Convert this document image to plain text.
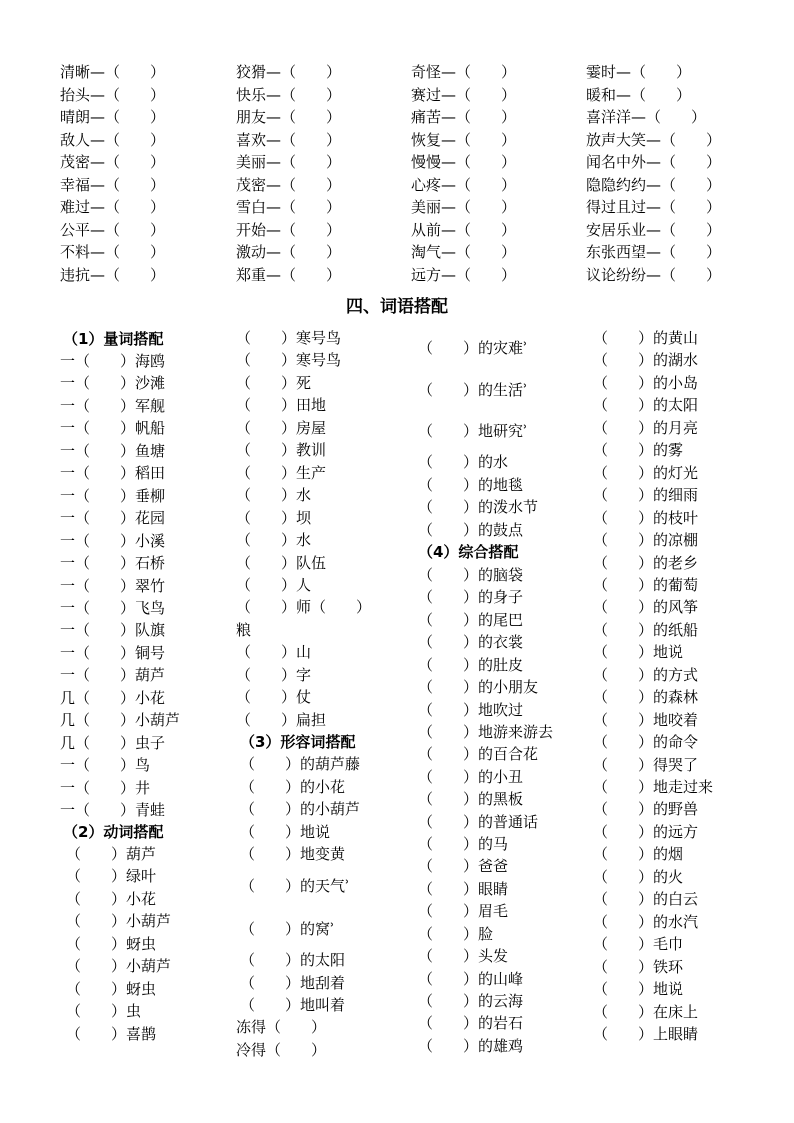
清晰—（　　）
抬头—（　　）
晴朗—（　　）
敌人—（　　）
茂密—（　　）
幸福—（　　）
难过—（　　）
公平—（　　）
不料—（　　）
违抗—（　　）
狡猾—（　　）
快乐—（　　）
朋友—（　　）
喜欢—（　　）
美丽—（　　）
茂密—（　　）
雪白—（　　）
开始—（　　）
激动—（　　）
郑重—（　　）
奇怪—（　　）
赛过—（　　）
痛苦—（　　）
恢复—（　　）
慢慢—（　　）
心疼—（　　）
美丽—（　　）
从前—（　　）
淘气—（　　）
远方—（　　）
霎时—（　　）
暖和—（　　）
喜洋洋—（　　）
放声大笑—（　　）
闻名中外—（　　）
隐隐约约—（　　）
得过且过—（　　）
安居乐业—（　　）
东张西望—（　　）
议论纷纷—（　　）
（1）量词搭配
一（　　）海鸥
一（　　）沙滩
一（　　）军舰
一（　　）帆船
一（　　）鱼塘
一（　　）稻田
一（　　）垂柳
一（　　）花园
一（　　）小溪
一（　　）石桥
一（　　）翠竹
一（　　）飞鸟
一（　　）队旗
一（　　）铜号
一（　　）葫芦
几（　　）小花
几（　　）小葫芦
几（　　）虫子
一（　　）鸟
一（　　）井
一（　　）青蛙
（2）动词搭配
（　　）葫芦
（　　）绿叶
（　　）小花
（　　）小葫芦
（　　）蚜虫
（　　）小葫芦
（　　）蚜虫
（　　）虫
（　　）喜鹊
（　　）寒号鸟
（　　）寒号鸟
（　　）死
（　　）田地
（　　）房屋
（　　）教训
（　　）生产
（　　）水
（　　）坝
（　　）水
（　　）队伍
（　　）人
（　　）师（　　）
粮
（　　）山
（　　）字
（　　）仗
（　　）扁担
（3）形容词搭配
（　　）的葫芦藤
（　　）的小花
（　　）的小葫芦
（　　）地说
（　　）地变黄
（　　）的天气ʾ
（　　）的窝ʾ
（　　）的太阳
（　　）地刮着
（　　）地叫着
冻得（　　）
冷得（　　）
（　　）的灾难ʾ
（　　）的生活ʾ
（　　）地研究ʾ
（　　）的水
（　　）的地毯
（　　）的泼水节
（　　）的鼓点
（4）综合搭配
（　　）的脑袋
（　　）的身子
（　　）的尾巴
（　　）的衣裳
（　　）的肚皮
（　　）的小朋友
（　　）地吹过
（　　）地游来游去
（　　）的百合花
（　　）的小丑
（　　）的黑板
（　　）的普通话
（　　）的马
（　　）爸爸
（　　）眼睛
（　　）眉毛
（　　）脸
（　　）头发
（　　）的山峰
（　　）的云海
（　　）的岩石
（　　）的雄鸡
（　　）的黄山
（　　）的湖水
（　　）的小岛
（　　）的太阳
（　　）的月亮
（　　）的雾
（　　）的灯光
（　　）的细雨
（　　）的枝叶
（　　）的凉棚
（　　）的老乡
（　　）的葡萄
（　　）的风筝
（　　）的纸船
（　　）地说
（　　）的方式
（　　）的森林
（　　）地咬着
（　　）的命令
（　　）得哭了
（　　）地走过来
（　　）的野兽
（　　）的远方
（　　）的烟
（　　）的火
（　　）的白云
（　　）的水汽
（　　）毛巾
（　　）铁环
（　　）地说
（　　）在床上
（　　）上眼睛
四、词语搭配
